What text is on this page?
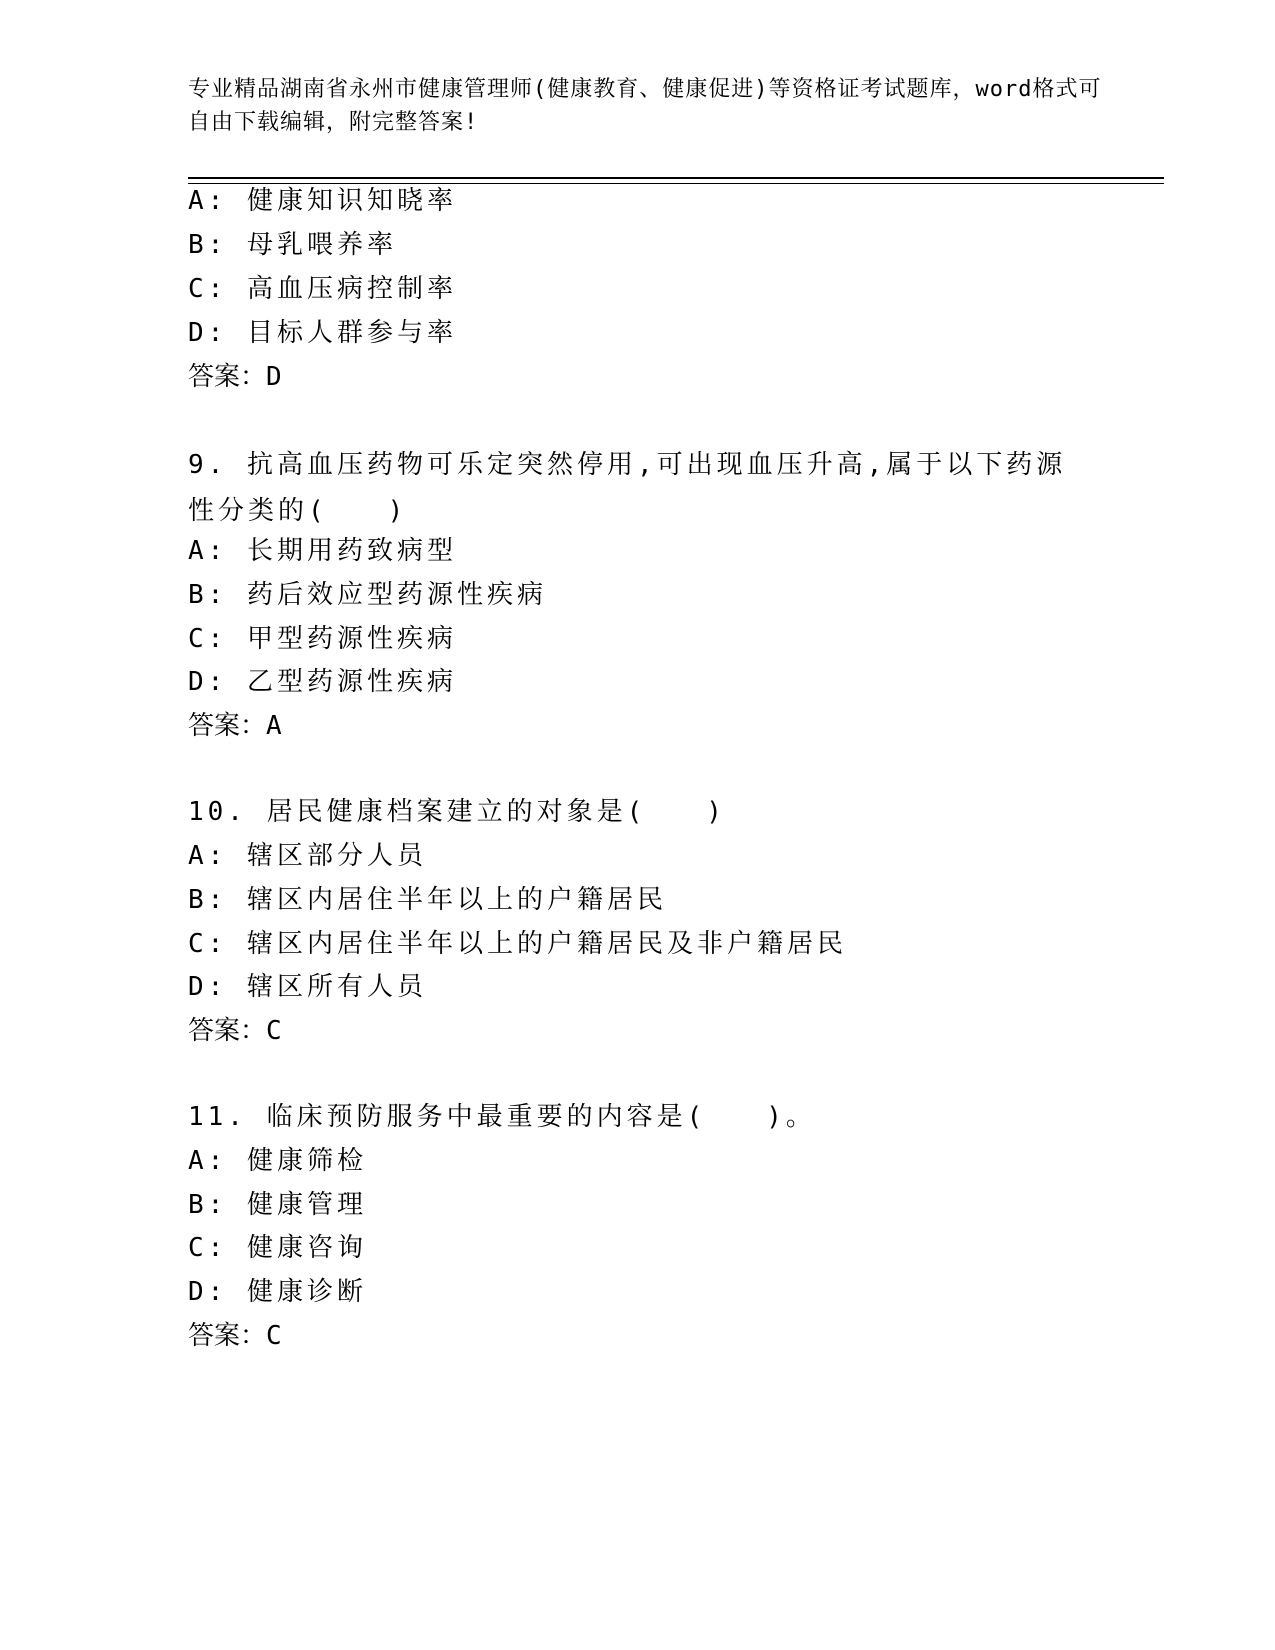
专业精品湖南省永州市健康管理师(健康教育、健康促进)等资格证考试题库，word格式可自由下载编辑，附完整答案!
A: 健康知识知晓率
B: 母乳喂养率
C: 高血压病控制率
D: 目标人群参与率
答案：D
9. 抗高血压药物可乐定突然停用,可出现血压升高,属于以下药源性分类的(　　)
A: 长期用药致病型
B: 药后效应型药源性疾病
C: 甲型药源性疾病
D: 乙型药源性疾病
答案：A
10. 居民健康档案建立的对象是(　　)
A: 辖区部分人员
B: 辖区内居住半年以上的户籍居民
C: 辖区内居住半年以上的户籍居民及非户籍居民
D: 辖区所有人员
答案：C
11. 临床预防服务中最重要的内容是(　　)。
A: 健康筛检
B: 健康管理
C: 健康咨询
D: 健康诊断
答案：C
